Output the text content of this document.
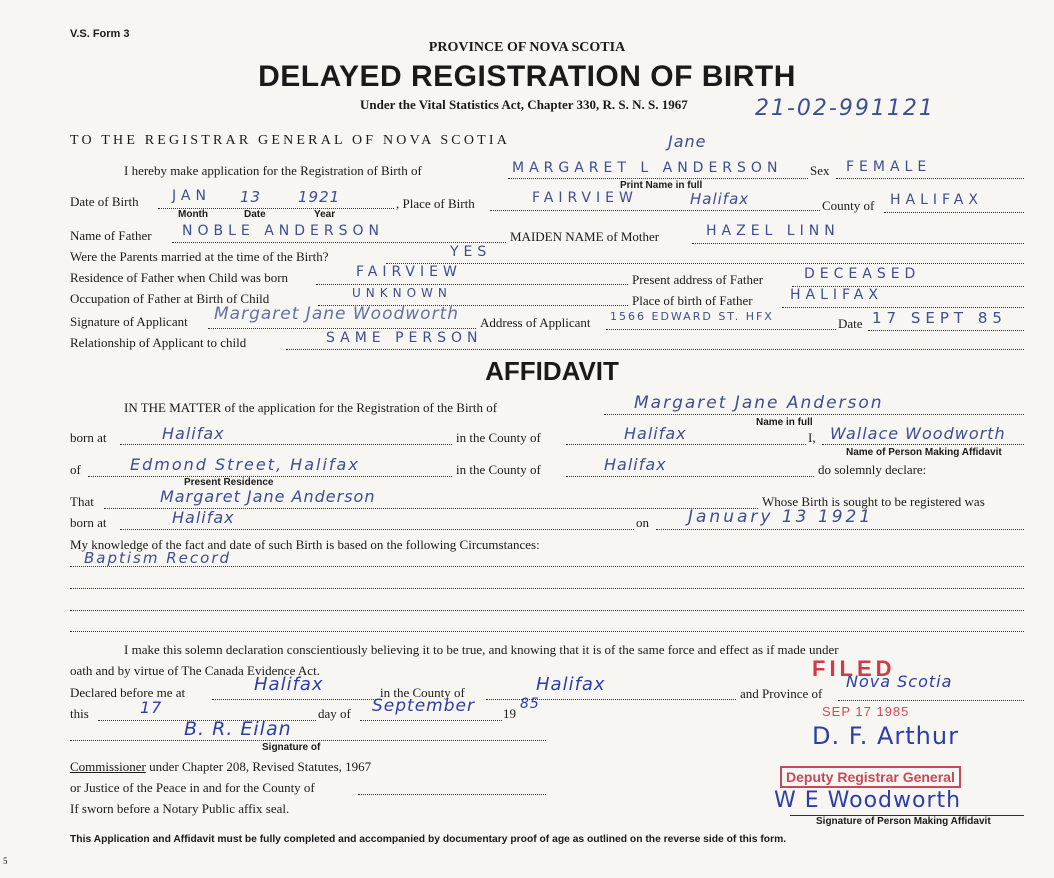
V.S. Form 3
PROVINCE OF NOVA SCOTIA
DELAYED REGISTRATION OF BIRTH
Under the Vital Statistics Act, Chapter 330, R. S. N. S. 1967	21-02-991121
TO THE REGISTRAR GENERAL OF NOVA SCOTIA	Jane
I hereby make application for the Registration of Birth of	MARGARET L ANDERSON Sex FEMALE
Print Name in full
Date of Birth JAN 13 1921
Month	Date	Year
, Place of Birth	FAIRVIEW	Halifax	County of HALIFAX
Name of Father NOBLE ANDERSON	MAIDEN NAME of Mother	HAZEL LINN
Were the Parents married at the time of the Birth?	YES
Residence of Father when Child was born	FAIRVIEW	Present address of Father	DECEASED
Occupation of Father at Birth of Child	UNKNOWN	Place of birth of Father	HALIFAX
Signature of Applicant Margaret Jane Woodworth Address of Applicant 1566 EDWARD ST. HFX	Date 17 SEPT 85
Relationship of Applicant to child	SAME PERSON
AFFIDAVIT
IN THE MATTER of the application for the Registration of the Birth of	Margaret Jane Anderson
Name in full
born at	Halifax	in the County of	Halifax	I, Wallace Woodworth
Name of Person Making Affidavit
of	Edmond Street, Halifax	in the County of	Halifax	do solemnly declare:
Present Residence
That	Margaret Jane Anderson	Whose Birth is sought to be registered was
born at	Halifax	on January 13 1921
My knowledge of the fact and date of such Birth is based on the following Circumstances:
Baptism Record
I make this solemn declaration conscientiously believing it to be true, and knowing that it is of the same force and effect as if made under
oath and by virtue of The Canada Evidence Act.
Declared before me at	Halifax	in the County of	Halifax	and Province of
Nova Scotia
this	17	day of September 19
85
B. R. Eilan
Signature of
Commissioner under Chapter 208, Revised Statutes, 1967
or Justice of the Peace in and for the County of
If sworn before a Notary Public affix seal.
FILED
SEP 17 1985
D. F. Arthur
Deputy Registrar General
W E Woodworth
Signature of Person Making Affidavit
This Application and Affidavit must be fully completed and accompanied by documentary proof of age as outlined on the reverse side of this form.
5
